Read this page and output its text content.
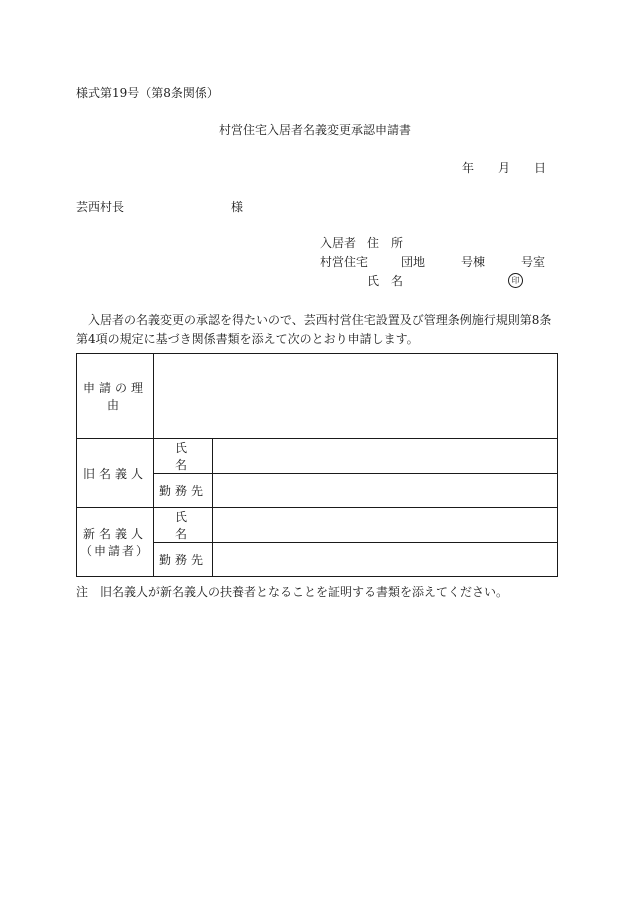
様式第19号（第8条関係）
村営住宅入居者名義変更承認申請書
年 月 日
芸西村長	様
入居者 住　所
村営住宅	団地	号棟	号室
氏　名	印
入居者の名義変更の承認を得たいので、芸西村営住宅設置及び管理条例施行規則第8条第4項の規定に基づき関係書類を添えて次のとおり申請します。
申請の理由		
旧名義人	氏　　名	
	勤務先	

新名義人
（申請者）	氏　　名	
	勤務先	
注　旧名義人が新名義人の扶養者となることを証明する書類を添えてください。
